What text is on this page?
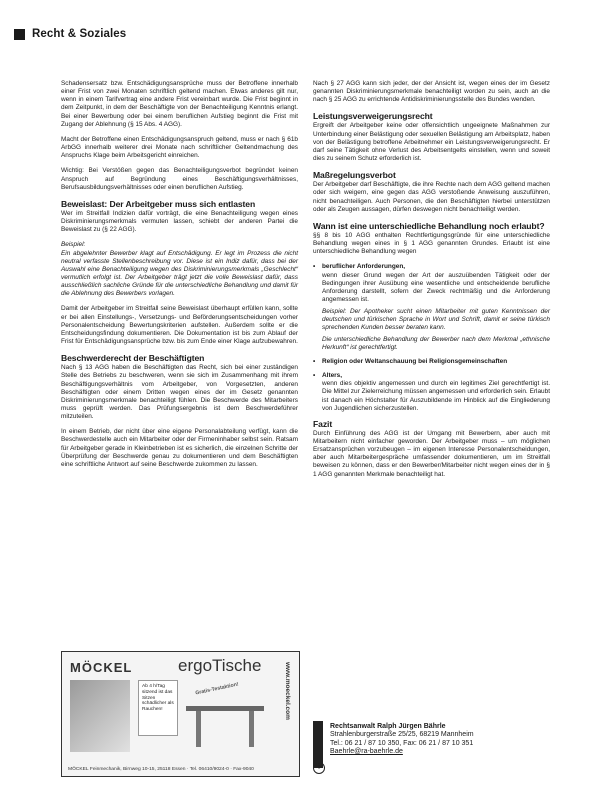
Recht & Soziales

Schadensersatz bzw. Entschädigungsansprüche muss der Betroffene innerhalb einer Frist von zwei Monaten schriftlich geltend machen. Etwas anderes gilt nur, wenn in einem Tarifvertrag eine andere Frist vereinbart wurde. Die Frist beginnt in dem Zeitpunkt, in dem der Beschäftigte von der Benachteiligung Kenntnis erlangt. Bei einer Bewerbung oder bei einem beruflichen Aufstieg beginnt die Frist mit Zugang der Ablehnung (§ 15 Abs. 4 AGG).

Macht der Betroffene einen Entschädigungsanspruch geltend, muss er nach § 61b ArbGG innerhalb weiterer drei Monate nach schriftlicher Geltendmachung des Anspruchs Klage beim Arbeitsgericht einreichen.

Wichtig: Bei Verstößen gegen das Benachteiligungsverbot begründet keinen Anspruch auf Begründung eines Beschäftigungsverhältnisses, Berufsausbildungsverhältnisses oder einen beruflichen Aufstieg.

Beweislast: Der Arbeitgeber muss sich entlasten

Wer im Streitfall Indizien dafür vorträgt, die eine Benachteiligung wegen eines Diskriminierungsmerkmals vermuten lassen, schiebt der anderen Partei die Beweislast zu (§ 22 AGG).

Beispiel:

Ein abgelehnter Bewerber klagt auf Entschädigung. Er legt im Prozess die nicht neutral verfasste Stellenbeschreibung vor. Diese ist ein Indiz dafür, dass bei der Auswahl eine Benachteiligung wegen des Diskriminierungsmerkmals „Geschlecht“ vermutlich erfolgt ist. Der Arbeitgeber trägt jetzt die volle Beweislast dafür, dass ausschließlich sachliche Gründe für die unterschiedliche Behandlung und damit für die Ablehnung des Bewerbers vorlagen.

Damit der Arbeitgeber im Streitfall seine Beweislast überhaupt erfüllen kann, sollte er bei allen Einstellungs-, Versetzungs- und Beförderungsentscheidungen vorher Personalentscheidung Bewertungskriterien aufstellen. Außerdem sollte er die Entscheidungsfindung dokumentieren. Die Dokumentation ist bis zum Ablauf der Frist für Entschädigungsansprüche bzw. bis zum Ende einer Klage aufzubewahren.

Beschwerderecht der Beschäftigten

Nach § 13 AGG haben die Beschäftigten das Recht, sich bei einer zuständigen Stelle des Betriebs zu beschweren, wenn sie sich im Zusammenhang mit ihrem Beschäftigungsverhältnis vom Arbeitgeber, von Vorgesetzten, anderen Beschäftigten oder einem Dritten wegen eines der im Gesetz genannten Diskriminierungsmerkmale benachteiligt fühlen. Die Beschwerde des Mitarbeiters muss geprüft werden. Das Prüfungsergebnis ist dem Beschwerdeführer mitzuteilen.

In einem Betrieb, der nicht über eine eigene Personalabteilung verfügt, kann die Beschwerdestelle auch ein Mitarbeiter oder der Firmeninhaber selbst sein. Ratsam für Arbeitgeber gerade in Kleinbetrieben ist es sicherlich, die einzelnen Schritte der Überprüfung der Beschwerde genau zu dokumentieren und dem Beschäftigten eine schriftliche Antwort auf seine Beschwerde zukommen zu lassen.

Nach § 27 AGG kann sich jeder, der der Ansicht ist, wegen eines der im Gesetz genannten Diskriminierungsmerkmale benachteiligt worden zu sein, auch an die nach § 25 AGG zu errichtende Antidiskriminierungsstelle des Bundes wenden.

Leistungsverweigerungsrecht

Ergreift der Arbeitgeber keine oder offensichtlich ungeeignete Maßnahmen zur Unterbindung einer Belästigung oder sexuellen Belästigung am Arbeitsplatz, haben von der Belästigung betroffene Arbeitnehmer ein Leistungsverweigerungsrecht. Er darf seine Tätigkeit ohne Verlust des Arbeitsentgelts einstellen, wenn und soweit dies zu seinem Schutz erforderlich ist.

Maßregelungsverbot

Der Arbeitgeber darf Beschäftigte, die ihre Rechte nach dem AGG geltend machen oder sich weigern, eine gegen das AGG verstoßende Anweisung auszuführen, nicht benachteiligen. Auch Personen, die den Beschäftigten hierbei unterstützen oder als Zeugen aussagen, dürfen deswegen nicht benachteiligt werden.

Wann ist eine unterschiedliche Behandlung noch erlaubt?

§§ 8 bis 10 AGG enthalten Rechtfertigungsgründe für eine unterschiedliche Behandlung wegen eines in § 1 AGG genannten Grundes. Erlaubt ist eine unterschiedliche Behandlung wegen

•	beruflicher Anforderungen,
wenn dieser Grund wegen der Art der auszuübenden Tätigkeit oder der Bedingungen ihrer Ausübung eine wesentliche und entscheidende berufliche Anforderung darstellt, sofern der Zweck rechtmäßig und die Anforderung angemessen ist.
Beispiel: Der Apotheker sucht einen Mitarbeiter mit guten Kenntnissen der deutschen und türkischen Sprache in Wort und Schrift, damit er seine türkisch sprechenden Kunden besser beraten kann.
Die unterschiedliche Behandlung der Bewerber nach dem Merkmal „ethnische Herkunft“ ist gerechtfertigt.
•	Religion oder Weltanschauung bei Religionsgemeinschaften
•	Alters,
wenn dies objektiv angemessen und durch ein legitimes Ziel gerechtfertigt ist. Die Mittel zur Zielerreichung müssen angemessen und erforderlich sein. Erlaubt ist danach ein Höchstalter für Auszubildende im Hinblick auf die Eingliederung von Jugendlichen sicherzustellen.
Fazit

Durch Einführung des AGG ist der Umgang mit Bewerbern, aber auch mit Mitarbeitern nicht einfacher geworden. Der Arbeitgeber muss – um möglichen Ersatzansprüchen vorzubeugen – im eigenen Interesse Personalentscheidungen, aber auch Mitarbeitergespräche umfassender dokumentieren, um im Streitfall beweisen zu können, dass er den Bewerber/Mitarbeiter nicht wegen eines der in § 1 AGG genannten Merkmale benachteiligt hat.

MÖCKEL	ergoTische
Ab 4 h/Tag sitzend ist das Sitzen schädlicher als Rauchen!
Gratis-Testaktion!	www.moeckel.com
MÖCKEL Feinmechanik, Birnweg 10-15, 25118 Essen · Tel. 06410/9024-0 · Fax-9040	i
Rechtsanwalt Ralph Jürgen Bährle
Strahlenburgerstraße 25/25, 68219 Mannheim
Tel.: 06 21 / 87 10 350, Fax: 06 21 / 87 10 351
Baehrle@ra-baehrle.de
